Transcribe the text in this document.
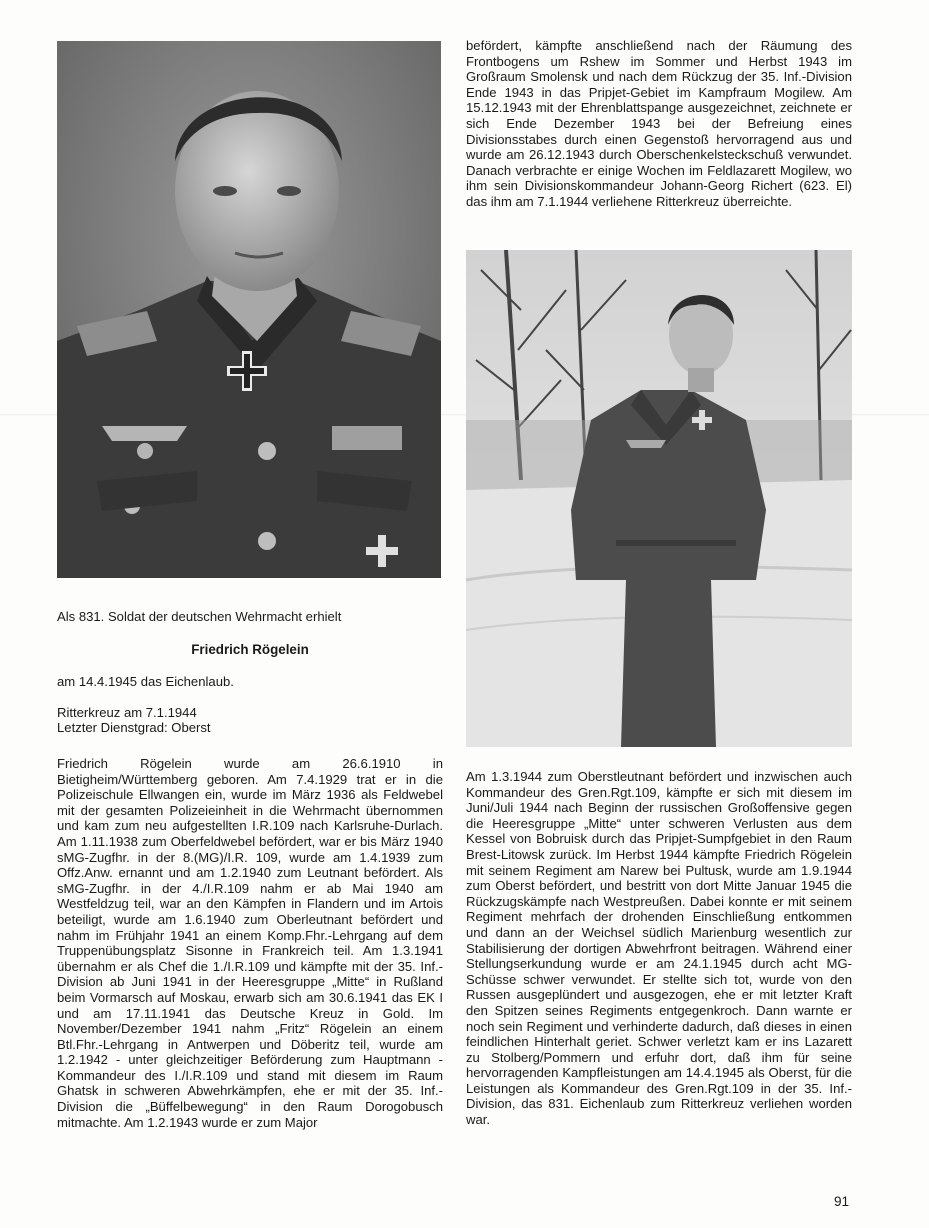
Als 831. Soldat der deutschen Wehrmacht erhielt
Friedrich Rögelein
am 14.4.1945 das Eichenlaub.
Ritterkreuz am 7.1.1944
Letzter Dienstgrad: Oberst
Friedrich Rögelein wurde am 26.6.1910 in Bietigheim/Württemberg geboren. Am 7.4.1929 trat er in die Polizeischule Ellwangen ein, wurde im März 1936 als Feldwebel mit der gesamten Polizeieinheit in die Wehrmacht übernommen und kam zum neu aufgestellten I.R.109 nach Karlsruhe-Durlach. Am 1.11.1938 zum Oberfeldwebel befördert, war er bis März 1940 sMG-Zugfhr. in der 8.(MG)/I.R. 109, wurde am 1.4.1939 zum Offz.Anw. ernannt und am 1.2.1940 zum Leutnant befördert. Als sMG-Zugfhr. in der 4./I.R.109 nahm er ab Mai 1940 am Westfeldzug teil, war an den Kämpfen in Flandern und im Artois beteiligt, wurde am 1.6.1940 zum Oberleutnant befördert und nahm im Frühjahr 1941 an einem Komp.Fhr.-Lehrgang auf dem Truppenübungsplatz Sisonne in Frankreich teil. Am 1.3.1941 übernahm er als Chef die 1./I.R.109 und kämpfte mit der 35. Inf.-Division ab Juni 1941 in der Heeresgruppe „Mitte“ in Rußland beim Vormarsch auf Moskau, erwarb sich am 30.6.1941 das EK I und am 17.11.1941 das Deutsche Kreuz in Gold. Im November/Dezember 1941 nahm „Fritz“ Rögelein an einem Btl.Fhr.-Lehrgang in Antwerpen und Döberitz teil, wurde am 1.2.1942 - unter gleichzeitiger Beförderung zum Hauptmann - Kommandeur des I./I.R.109 und stand mit diesem im Raum Ghatsk in schweren Abwehrkämpfen, ehe er mit der 35. Inf.-Division die „Büffelbewegung“ in den Raum Dorogobusch mitmachte. Am 1.2.1943 wurde er zum Major
befördert, kämpfte anschließend nach der Räumung des Frontbogens um Rshew im Sommer und Herbst 1943 im Großraum Smolensk und nach dem Rückzug der 35. Inf.-Division Ende 1943 in das Pripjet-Gebiet im Kampfraum Mogilew. Am 15.12.1943 mit der Ehrenblattspange ausgezeichnet, zeichnete er sich Ende Dezember 1943 bei der Befreiung eines Divisionsstabes durch einen Gegenstoß hervorragend aus und wurde am 26.12.1943 durch Oberschenkelsteckschuß verwundet. Danach verbrachte er einige Wochen im Feldlazarett Mogilew, wo ihm sein Divisionskommandeur Johann-Georg Richert (623. El) das ihm am 7.1.1944 verliehene Ritterkreuz überreichte.
Am 1.3.1944 zum Oberstleutnant befördert und inzwischen auch Kommandeur des Gren.Rgt.109, kämpfte er sich mit diesem im Juni/Juli 1944 nach Beginn der russischen Großoffensive gegen die Heeresgruppe „Mitte“ unter schweren Verlusten aus dem Kessel von Bobruisk durch das Pripjet-Sumpfgebiet in den Raum Brest-Litowsk zurück. Im Herbst 1944 kämpfte Friedrich Rögelein mit seinem Regiment am Narew bei Pultusk, wurde am 1.9.1944 zum Oberst befördert, und bestritt von dort Mitte Januar 1945 die Rückzugskämpfe nach Westpreußen. Dabei konnte er mit seinem Regiment mehrfach der drohenden Einschließung entkommen und dann an der Weichsel südlich Marienburg wesentlich zur Stabilisierung der dortigen Abwehrfront beitragen. Während einer Stellungserkundung wurde er am 24.1.1945 durch acht MG-Schüsse schwer verwundet. Er stellte sich tot, wurde von den Russen ausgeplündert und ausgezogen, ehe er mit letzter Kraft den Spitzen seines Regiments entgegenkroch. Dann warnte er noch sein Regiment und verhinderte dadurch, daß dieses in einen feindlichen Hinterhalt geriet. Schwer verletzt kam er ins Lazarett zu Stolberg/Pommern und erfuhr dort, daß ihm für seine hervorragenden Kampfleistungen am 14.4.1945 als Oberst, für die Leistungen als Kommandeur des Gren.Rgt.109 in der 35. Inf.-Division, das 831. Eichenlaub zum Ritterkreuz verliehen worden war.
91
